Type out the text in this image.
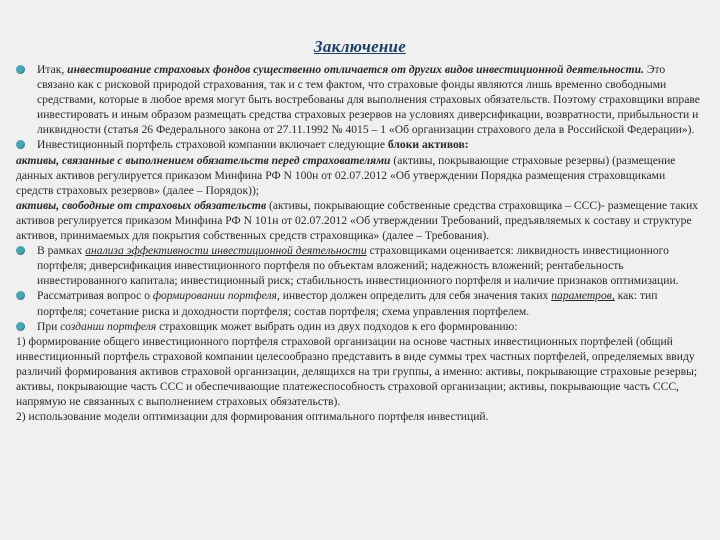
Заключение

Итак, инвестирование страховых фондов существенно отличается от других видов инвестиционной деятельности. Это связано как с рисковой природой страхования, так и с тем фактом, что страховые фонды являются лишь временно свободными средствами, которые в любое время могут быть востребованы для выполнения страховых обязательств. Поэтому страховщики вправе инвестировать и иным образом размещать средства страховых резервов на условиях диверсификации, возвратности, прибыльности и ликвидности (статья 26 Федерального закона от 27.11.1992 № 4015 – 1 «Об организации страхового дела в Российской Федерации»).

Инвестиционный портфель страховой компании включает следующие блоки активов:

активы, связанные с выполнением обязательств перед страхователями (активы, покрывающие страховые резервы) (размещение данных активов регулируется приказом Минфина РФ N 100н от 02.07.2012 «Об утверждении Порядка размещения страховщиками средств страховых резервов» (далее – Порядок));

активы, свободные от страховых обязательств (активы, покрывающие собственные средства страховщика – ССС)- размещение таких активов регулируется приказом Минфина РФ N 101н от 02.07.2012 «Об утверждении Требований, предъявляемых к составу и структуре активов, принимаемых для покрытия собственных средств страховщика» (далее – Требования).

В рамках анализа эффективности инвестиционной деятельности страховщиками оценивается: ликвидность инвестиционного портфеля; диверсификация инвестиционного портфеля по объектам вложений; надежность вложений; рентабельность инвестированного капитала; инвестиционный риск; стабильность инвестиционного портфеля и наличие признаков оптимизации.

Рассматривая вопрос о формировании портфеля, инвестор должен определить для себя значения таких параметров, как: тип портфеля; сочетание риска и доходности портфеля; состав портфеля; схема управления портфелем.

При создании портфеля страховщик может выбрать один из двух подходов к его формированию:

1) формирование общего инвестиционного портфеля страховой организации на основе частных инвестиционных портфелей (общий инвестиционный портфель страховой компании целесообразно представить в виде суммы трех частных портфелей, определяемых ввиду различий формирования активов страховой организации, делящихся на три группы, а именно: активы, покрывающие страховые резервы; активы, покрывающие часть ССС и обеспечивающие платежеспособность страховой организации; активы, покрывающие часть ССС, напрямую не связанных с выполнением страховых обязательств).

2) использование модели оптимизации для формирования оптимального портфеля инвестиций.
